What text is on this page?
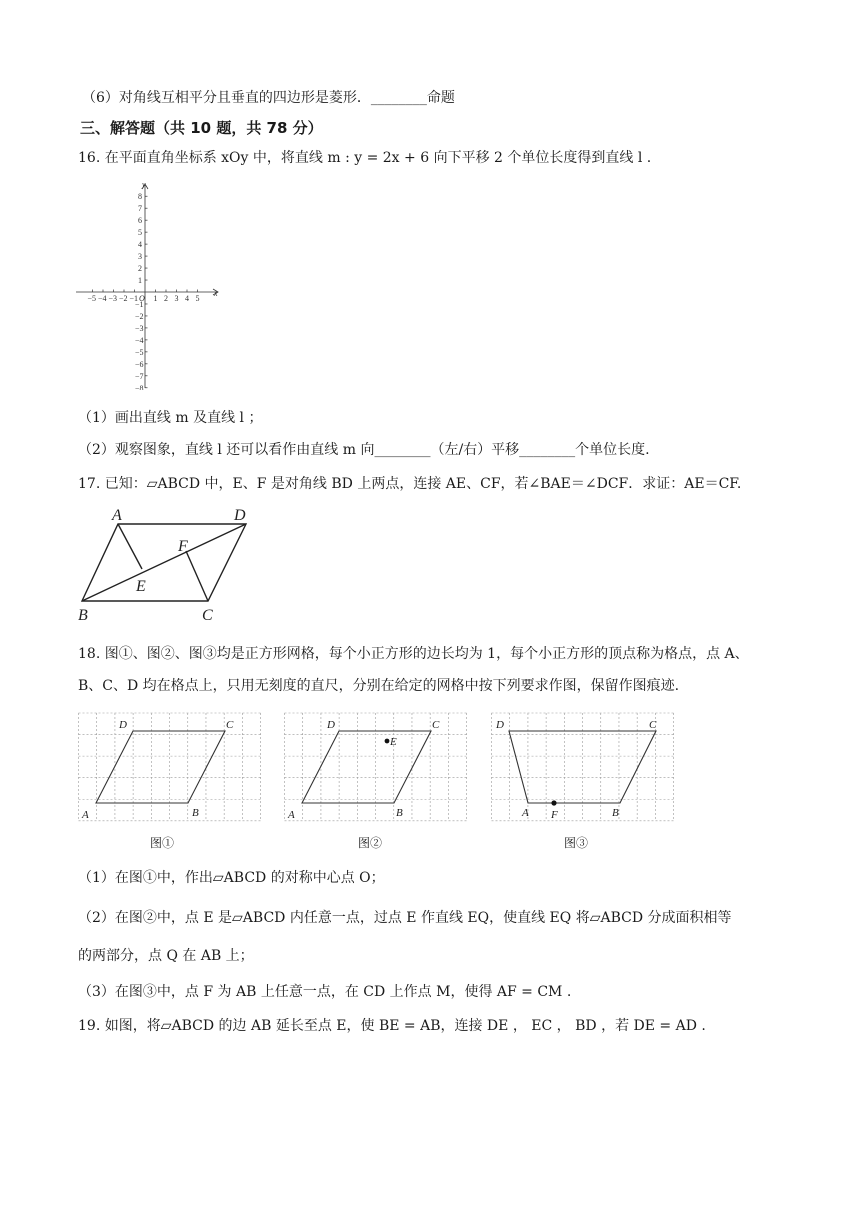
（6）对角线互相平分且垂直的四边形是菱形．________命题
三、解答题（共 10 题，共 78 分）
16. 在平面直角坐标系 xOy 中，将直线 m : y = 2x + 6 向下平移 2 个单位长度得到直线 l .
−5 −4 −3 −2 −1 1 2 3 4 5
8
7
6
5
4
3
2
1
−1
−2
−3
−4
−5
−6
−7
−8
x
y
O
（1）画出直线 m 及直线 l ；
（2）观察图象，直线 l 还可以看作由直线 m 向________（左/右）平移________个单位长度.
17. 已知：▱ABCD 中，E、F 是对角线 BD 上两点，连接 AE、CF，若∠BAE＝∠DCF．求证：AE＝CF.
A	D
F
E
B	C
18. 图①、图②、图③均是正方形网格，每个小正方形的边长均为 1，每个小正方形的顶点称为格点，点 A、
B、C、D 均在格点上，只用无刻度的直尺，分别在给定的网格中按下列要求作图，保留作图痕迹.
D	C
A	B
图①
D	C
E
A	B
图②
D	C
A F	B
图③
（1）在图①中，作出▱ABCD 的对称中心点 O；
（2）在图②中，点 E 是▱ABCD 内任意一点，过点 E 作直线 EQ，使直线 EQ 将▱ABCD 分成面积相等
的两部分，点 Q 在 AB 上；
（3）在图③中，点 F 为 AB 上任意一点，在 CD 上作点 M，使得 AF = CM .
19. 如图，将▱ABCD 的边 AB 延长至点 E，使 BE = AB，连接 DE ， EC ， BD ，若 DE = AD .
